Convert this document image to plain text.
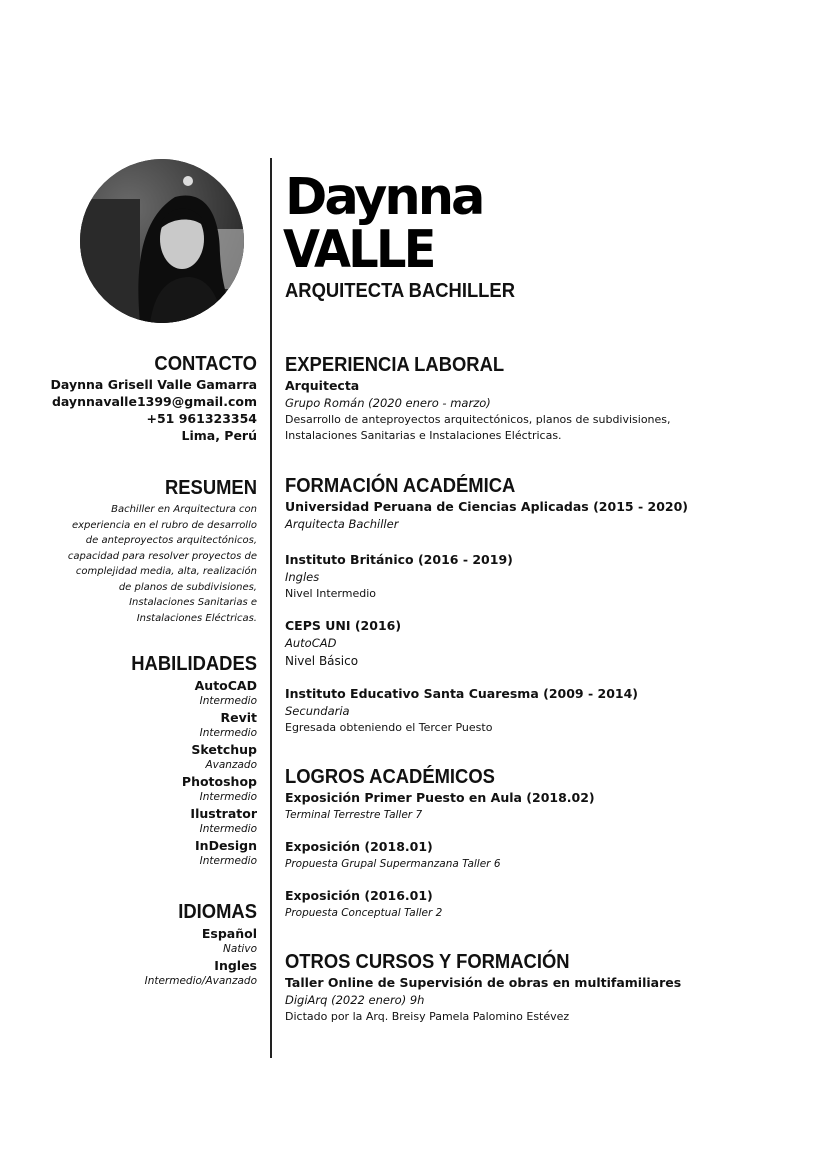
Daynna
VALLE
ARQUITECTA BACHILLER
CONTACTO
Daynna Grisell Valle Gamarra
daynnavalle1399@gmail.com
+51 961323354
Lima, Perú
RESUMEN
Bachiller en Arquitectura con
experiencia en el rubro de desarrollo
de anteproyectos arquitectónicos,
capacidad para resolver proyectos de
complejidad media, alta, realización
de planos de subdivisiones,
Instalaciones Sanitarias e
Instalaciones Eléctricas.
HABILIDADES
AutoCAD
Intermedio
Revit
Intermedio
Sketchup
Avanzado
Photoshop
Intermedio
Ilustrator
Intermedio
InDesign
Intermedio
IDIOMAS
Español
Nativo
Ingles
Intermedio/Avanzado
EXPERIENCIA LABORAL
Arquitecta
Grupo Román (2020 enero - marzo)
Desarrollo de anteproyectos arquitectónicos, planos de subdivisiones,
Instalaciones Sanitarias e Instalaciones Eléctricas.
FORMACIÓN ACADÉMICA
Universidad Peruana de Ciencias Aplicadas (2015 - 2020)
Arquitecta Bachiller
Instituto Británico (2016 - 2019)
Ingles
Nivel Intermedio
CEPS UNI (2016)
AutoCAD
Nivel Básico
Instituto Educativo Santa Cuaresma (2009 - 2014)
Secundaria
Egresada obteniendo el Tercer Puesto
LOGROS ACADÉMICOS
Exposición Primer Puesto en Aula (2018.02)
Terminal Terrestre Taller 7
Exposición (2018.01)
Propuesta Grupal Supermanzana Taller 6
Exposición (2016.01)
Propuesta Conceptual Taller 2
OTROS CURSOS Y FORMACIÓN
Taller Online de Supervisión de obras en multifamiliares
DigiArq (2022 enero) 9h
Dictado por la Arq. Breisy Pamela Palomino Estévez
